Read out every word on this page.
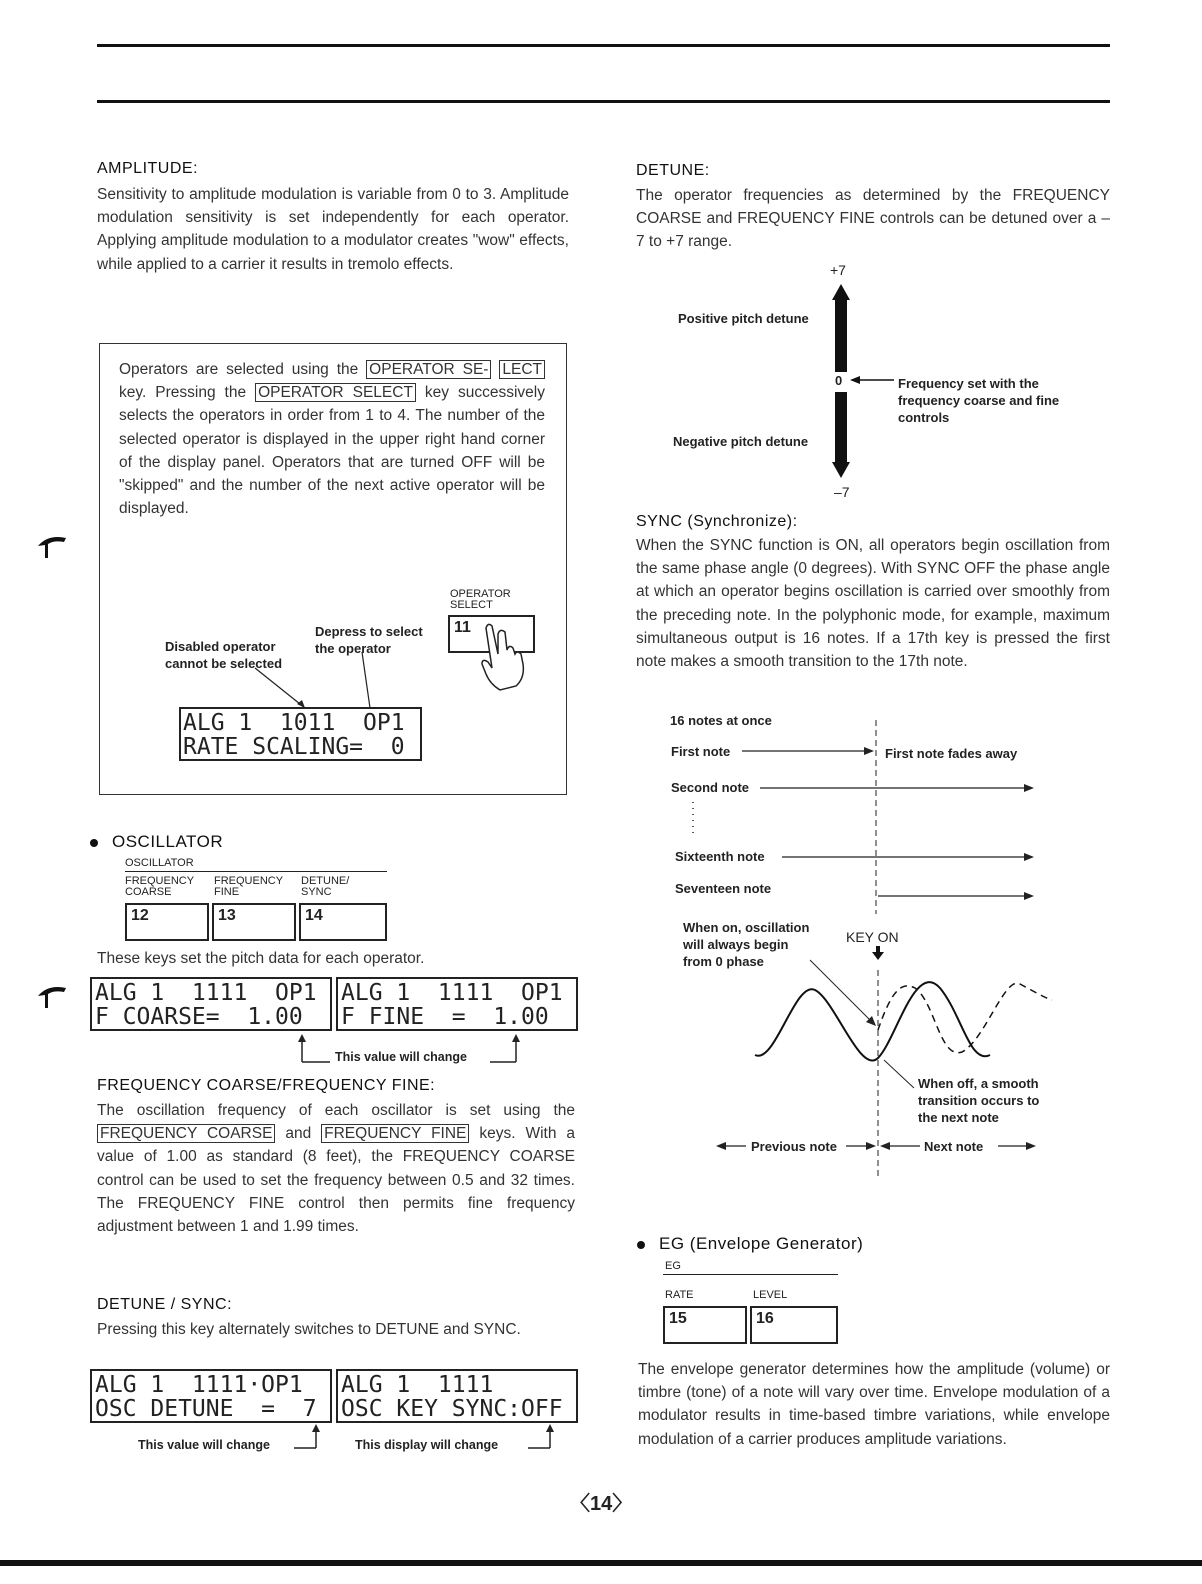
AMPLITUDE:
Sensitivity to amplitude modulation is variable from 0 to 3. Amplitude modulation sensitivity is set independently for each operator. Applying amplitude modulation to a modulator creates "wow" effects, while applied to a carrier it results in tremolo effects.
Operators are selected using the OPERATOR SE- LECT key. Pressing the OPERATOR SELECT key successively selects the operators in order from 1 to 4. The number of the selected operator is displayed in the upper right hand corner of the display panel. Operators that are turned OFF will be "skipped" and the number of the next active operator will be displayed.
OPERATOR
SELECT
11
Depress to select
the operator
Disabled operator
cannot be selected
ALG 1  1011  OP1
RATE SCALING=  0
OSCILLATOR
OSCILLATOR
FREQUENCY
COARSE
FREQUENCY
FINE
DETUNE/
SYNC
12	13	14
These keys set the pitch data for each operator.
ALG 1  1111  OP1
F COARSE=  1.00
ALG 1  1111  OP1
F FINE  =  1.00
This value will change
FREQUENCY COARSE/FREQUENCY FINE:
The oscillation frequency of each oscillator is set using the FREQUENCY COARSE and FREQUENCY FINE keys. With a value of 1.00 as standard (8 feet), the FREQUENCY COARSE control can be used to set the frequency between 0.5 and 32 times. The FREQUENCY FINE control then permits fine frequency adjustment between 1 and 1.99 times.
DETUNE / SYNC:
Pressing this key alternately switches to DETUNE and SYNC.
ALG 1  1111·OP1
OSC DETUNE  =  7
ALG 1  1111
OSC KEY SYNC:OFF
This value will change	This display will change
DETUNE:
The operator frequencies as determined by the FREQUENCY COARSE and FREQUENCY FINE controls can be detuned over a –7 to +7 range.
+7
Positive pitch detune
Negative pitch detune
0	Frequency set with the
frequency coarse and fine
controls
–7
SYNC (Synchronize):
When the SYNC function is ON, all operators begin oscillation from the same phase angle (0 degrees). With SYNC OFF the phase angle at which an operator begins oscillation is carried over smoothly from the preceding note. In the polyphonic mode, for example, maximum simultaneous output is 16 notes. If a 17th key is pressed the first note makes a smooth transition to the 17th note.
16 notes at once
First note	First note fades away
Second note
Sixteenth note
Seventeen note
When on, oscillation
will always begin
from 0 phase
KEY ON
When off, a smooth
transition occurs to
the next note
Previous note	Next note
EG (Envelope Generator)
EG
RATE	LEVEL
15	16
The envelope generator determines how the amplitude (volume) or timbre (tone) of a note will vary over time. Envelope modulation of a modulator results in time-based timbre variations, while envelope modulation of a carrier produces amplitude variations.
〈14〉
